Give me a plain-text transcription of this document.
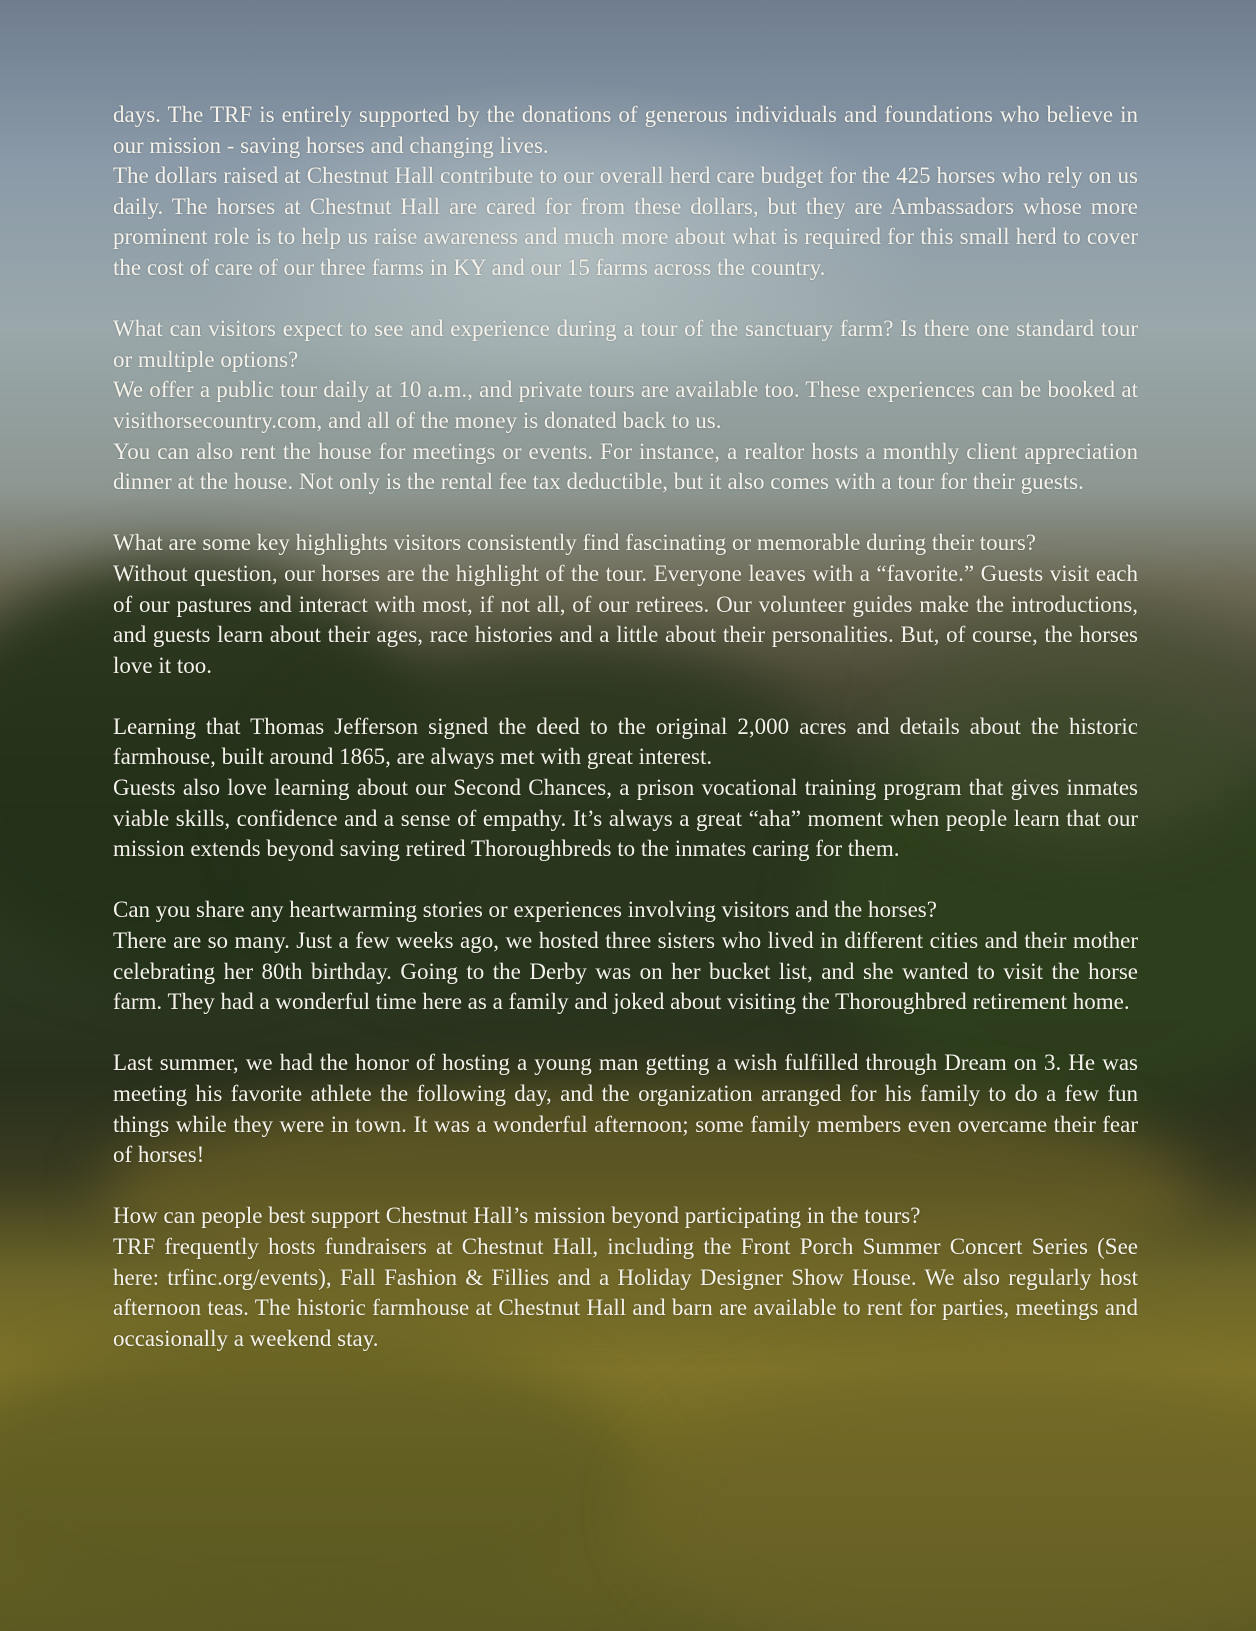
days. The TRF is entirely supported by the donations of generous individuals and foundations who believe in our mission - saving horses and changing lives.

The dollars raised at Chestnut Hall contribute to our overall herd care budget for the 425 horses who rely on us daily. The horses at Chestnut Hall are cared for from these dollars, but they are Ambassadors whose more prominent role is to help us raise awareness and much more about what is required for this small herd to cover the cost of care of our three farms in KY and our 15 farms across the country.

What can visitors expect to see and experience during a tour of the sanctuary farm? Is there one standard tour or multiple options?

We offer a public tour daily at 10 a.m., and private tours are available too. These experiences can be booked at visithorsecountry.com, and all of the money is donated back to us.

You can also rent the house for meetings or events. For instance, a realtor hosts a monthly client appreciation dinner at the house. Not only is the rental fee tax deductible, but it also comes with a tour for their guests.

What are some key highlights visitors consistently find fascinating or memorable during their tours?

Without question, our horses are the highlight of the tour. Everyone leaves with a “favorite.” Guests visit each of our pastures and interact with most, if not all, of our retirees. Our volunteer guides make the introductions, and guests learn about their ages, race histories and a little about their personalities. But, of course, the horses love it too.

Learning that Thomas Jefferson signed the deed to the original 2,000 acres and details about the historic farmhouse, built around 1865, are always met with great interest.

Guests also love learning about our Second Chances, a prison vocational training program that gives inmates viable skills, confidence and a sense of empathy. It’s always a great “aha” moment when people learn that our mission extends beyond saving retired Thoroughbreds to the inmates caring for them.

Can you share any heartwarming stories or experiences involving visitors and the horses?

There are so many. Just a few weeks ago, we hosted three sisters who lived in different cities and their mother celebrating her 80th birthday. Going to the Derby was on her bucket list, and she wanted to visit the horse farm. They had a wonderful time here as a family and joked about visiting the Thoroughbred retirement home.

Last summer, we had the honor of hosting a young man getting a wish fulfilled through Dream on 3. He was meeting his favorite athlete the following day, and the organization arranged for his family to do a few fun things while they were in town. It was a wonderful afternoon; some family members even overcame their fear of horses!

How can people best support Chestnut Hall’s mission beyond participating in the tours?

TRF frequently hosts fundraisers at Chestnut Hall, including the Front Porch Summer Concert Series (See here: trfinc.org/events), Fall Fashion & Fillies and a Holiday Designer Show House. We also regularly host afternoon teas. The historic farmhouse at Chestnut Hall and barn are available to rent for parties, meetings and occasionally a weekend stay.
